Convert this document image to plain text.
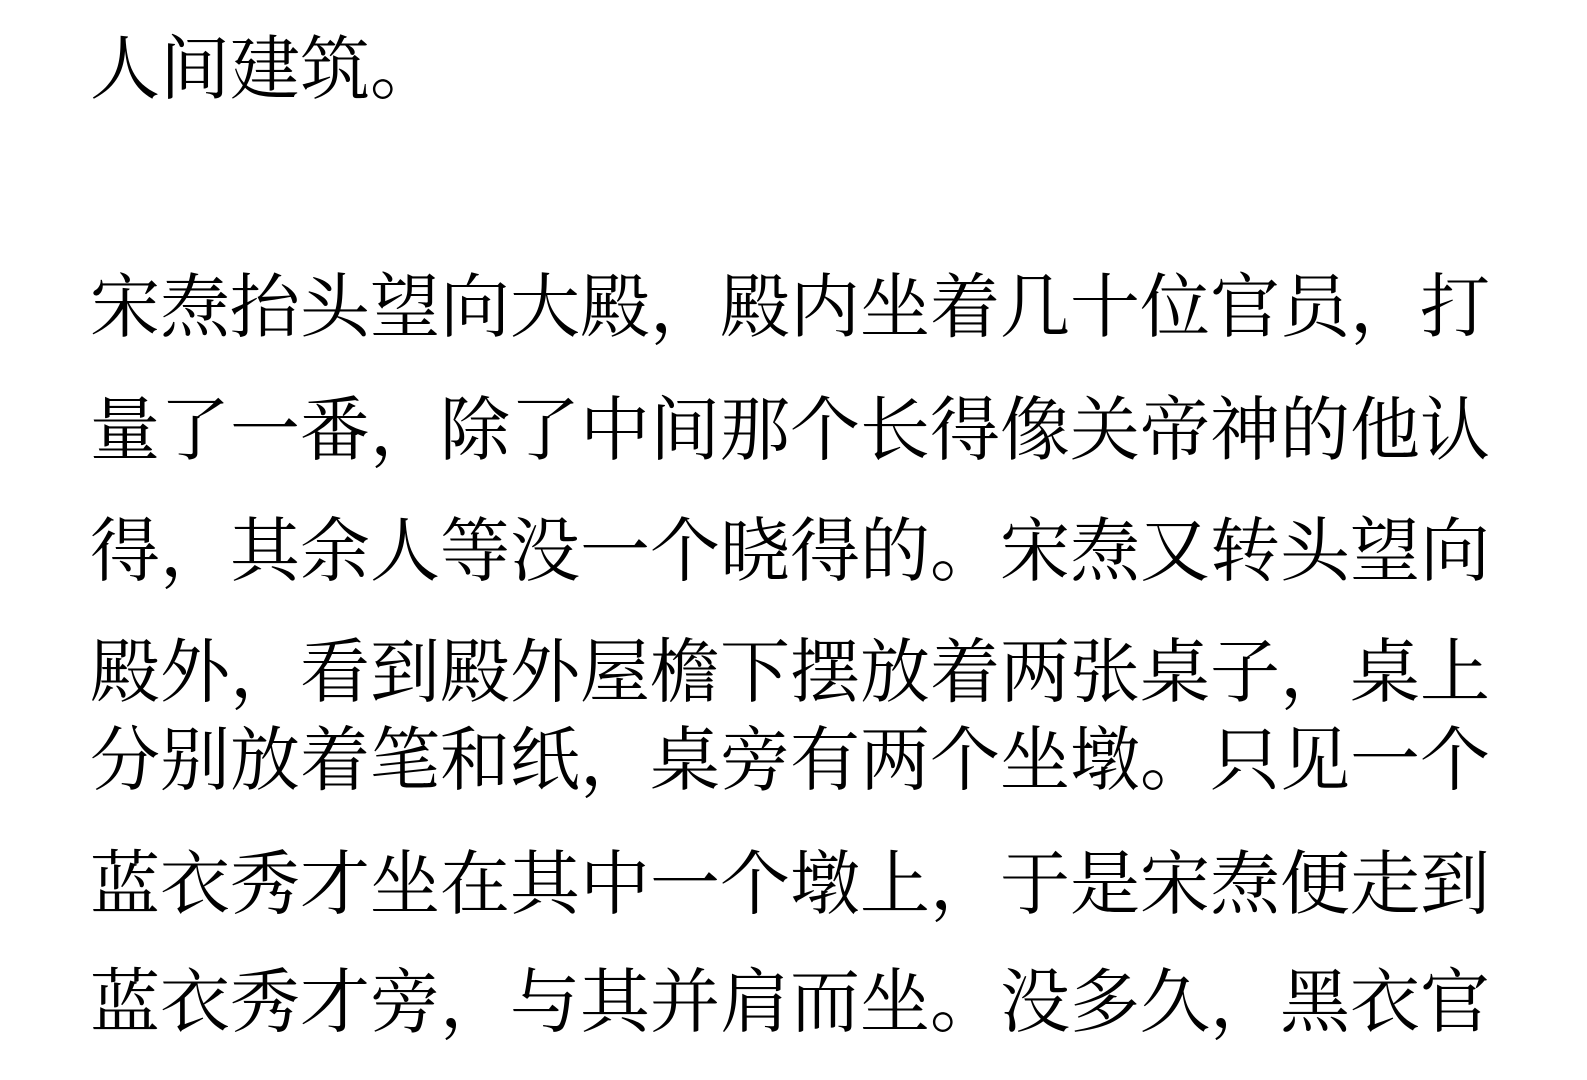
人间建筑。
宋焘抬头望向大殿，殿内坐着几十位官员，打
量了一番，除了中间那个长得像关帝神的他认
得，其余人等没一个晓得的。宋焘又转头望向
殿外，看到殿外屋檐下摆放着两张桌子，桌上
分别放着笔和纸，桌旁有两个坐墩。只见一个
蓝衣秀才坐在其中一个墩上，于是宋焘便走到
蓝衣秀才旁，与其并肩而坐。没多久，黑衣官
